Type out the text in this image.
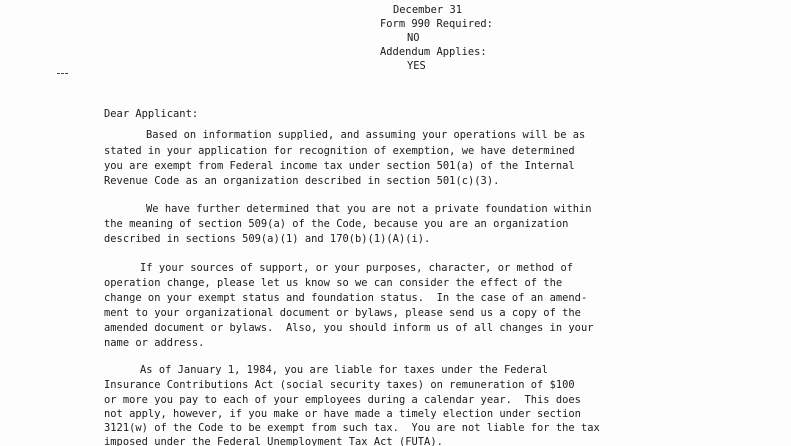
December 31
Form 990 Required:
NO
Addendum Applies:
YES
Dear Applicant:
Based on information supplied, and assuming your operations will be as
stated in your application for recognition of exemption, we have determined
you are exempt from Federal income tax under section 501(a) of the Internal
Revenue Code as an organization described in section 501(c)(3).
We have further determined that you are not a private foundation within
the meaning of section 509(a) of the Code, because you are an organization
described in sections 509(a)(1) and 170(b)(1)(A)(i).
If your sources of support, or your purposes, character, or method of
operation change, please let us know so we can consider the effect of the
change on your exempt status and foundation status.  In the case of an amend-
ment to your organizational document or bylaws, please send us a copy of the
amended document or bylaws.  Also, you should inform us of all changes in your
name or address.
As of January 1, 1984, you are liable for taxes under the Federal
Insurance Contributions Act (social security taxes) on remuneration of $100
or more you pay to each of your employees during a calendar year.  This does
not apply, however, if you make or have made a timely election under section
3121(w) of the Code to be exempt from such tax.  You are not liable for the tax
imposed under the Federal Unemployment Tax Act (FUTA).
